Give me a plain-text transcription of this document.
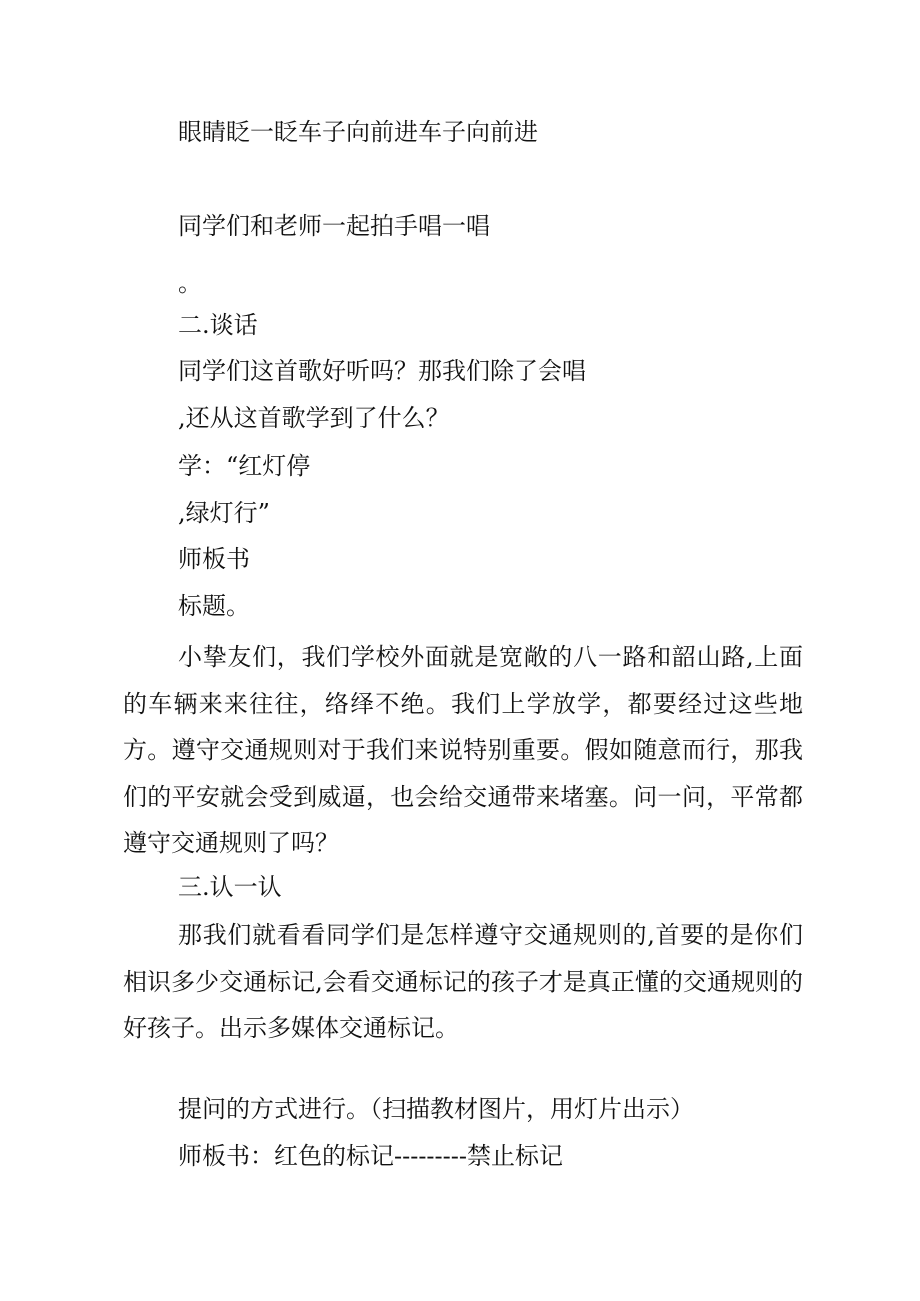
眼睛眨一眨车子向前进车子向前进
同学们和老师一起拍手唱一唱
。
二.谈话
同学们这首歌好听吗？那我们除了会唱
,还从这首歌学到了什么？
学：“红灯停
,绿灯行”
师板书
标题。
小挚友们，我们学校外面就是宽敞的八一路和韶山路,上面的车辆来来往往，络绎不绝。我们上学放学，都要经过这些地方。遵守交通规则对于我们来说特别重要。假如随意而行，那我们的平安就会受到威逼，也会给交通带来堵塞。问一问，平常都遵守交通规则了吗？
三.认一认
那我们就看看同学们是怎样遵守交通规则的,首要的是你们相识多少交通标记,会看交通标记的孩子才是真正懂的交通规则的好孩子。出示多媒体交通标记。
提问的方式进行。（扫描教材图片，用灯片出示）
师板书：红色的标记---------禁止标记
